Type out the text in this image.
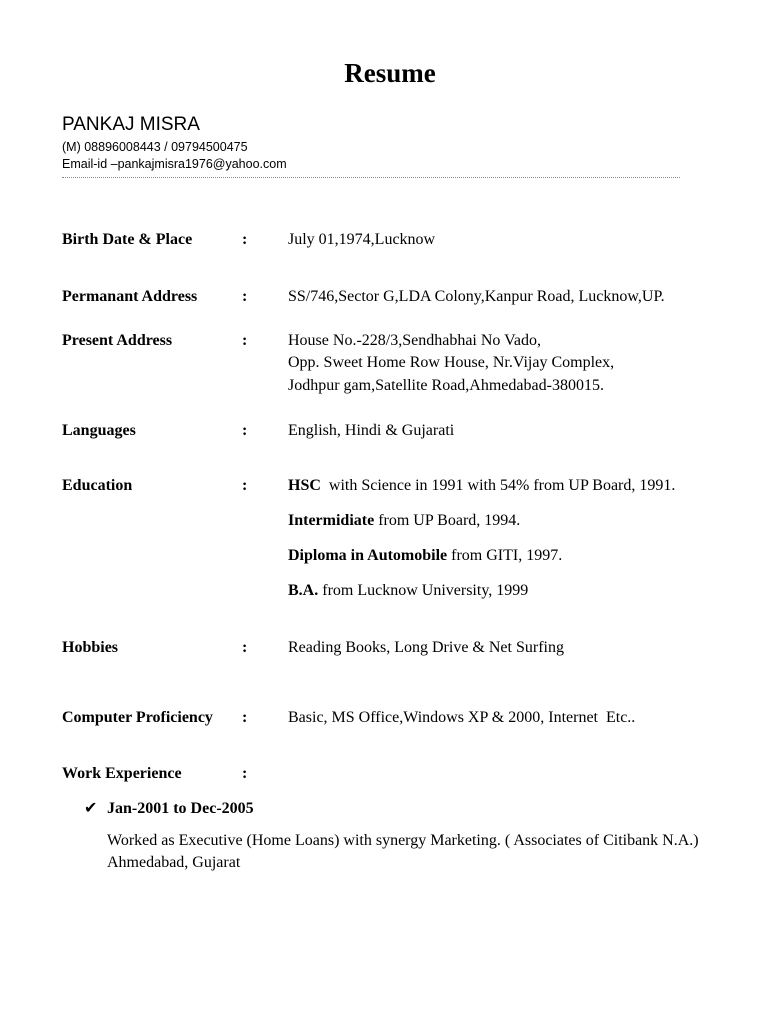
Resume
PANKAJ MISRA
(M) 08896008443 / 09794500475
Email-id –pankajmisra1976@yahoo.com
Birth Date & Place	:	July 01,1974,Lucknow
Permanant Address	:	SS/746,Sector G,LDA Colony,Kanpur Road, Lucknow,UP.
Present Address	:	House No.-228/3,Sendhabhai No Vado,
Opp. Sweet Home Row House, Nr.Vijay Complex,
Jodhpur gam,Satellite Road,Ahmedabad-380015.
Languages	:	English, Hindi & Gujarati
Education	:	HSC  with Science in 1991 with 54% from UP Board, 1991.
Intermidiate from UP Board, 1994.
Diploma in Automobile from GITI, 1997.
B.A. from Lucknow University, 1999
Hobbies	:	Reading Books, Long Drive & Net Surfing
Computer Proficiency :	Basic, MS Office,Windows XP & 2000, Internet  Etc..
Work Experience	:
✔ Jan-2001 to Dec-2005
Worked as Executive (Home Loans) with synergy Marketing. ( Associates of Citibank N.A.)
Ahmedabad, Gujarat
